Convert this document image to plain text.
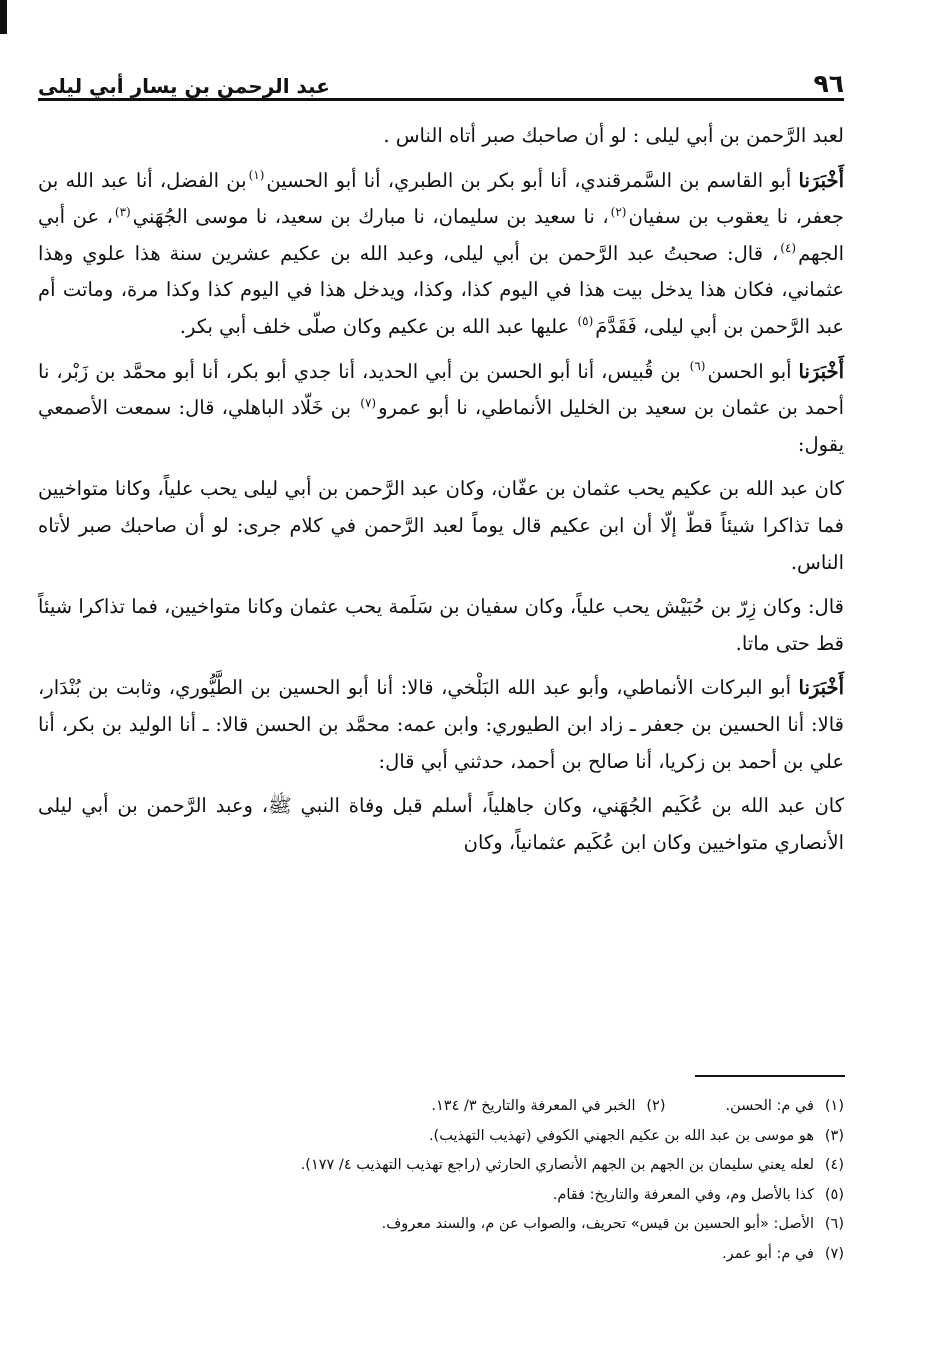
٩٦
عبد الرحمن بن يسار أبي ليلى

لعبد الرَّحمن بن أبي ليلى : لو أن صاحبك صبر أتاه الناس .

أَخْبَرَنا أبو القاسم بن السَّمرقندي، أنا أبو بكر بن الطبري، أنا أبو الحسين$^{(١)}$بن الفضل، أنا عبد الله بن جعفر، نا يعقوب بن سفيان$^{(٢)}$، نا سعيد بن سليمان، نا مبارك بن سعيد، نا موسى الجُهَني$^{(٣)}$، عن أبي الجهم$^{(٤)}$، قال: صحبتُ عبد الرَّحمن بن أبي ليلى، وعبد الله بن عكيم عشرين سنة هذا علوي وهذا عثماني، فكان هذا يدخل بيت هذا في اليوم كذا، وكذا، ويدخل هذا في اليوم كذا وكذا مرة، وماتت أم عبد الرَّحمن بن أبي ليلى، فَقَدَّمَ$^{(٥)}$ عليها عبد الله بن عكيم وكان صلّى خلف أبي بكر.

أَخْبَرَنا أبو الحسن$^{(٦)}$ بن قُبيس، أنا أبو الحسن بن أبي الحديد، أنا جدي أبو بكر، أنا أبو محمَّد بن زَبْر، نا أحمد بن عثمان بن سعيد بن الخليل الأنماطي، نا أبو عمرو$^{(٧)}$ بن خَلّاد الباهلي، قال: سمعت الأصمعي يقول:

كان عبد الله بن عكيم يحب عثمان بن عفّان، وكان عبد الرَّحمن بن أبي ليلى يحب علياً، وكانا متواخيين فما تذاكرا شيئاً قطّ إلّا أن ابن عكيم قال يوماً لعبد الرَّحمن في كلام جرى: لو أن صاحبك صبر لأتاه الناس.

قال: وكان زِرّ بن حُبَيْش يحب علياً، وكان سفيان بن سَلَمة يحب عثمان وكانا متواخيين، فما تذاكرا شيئاً قط حتى ماتا.

أَخْبَرَنا أبو البركات الأنماطي، وأبو عبد الله البَلْخي، قالا: أنا أبو الحسين بن الطَّيُّوري، وثابت بن بُنْدَار، قالا: أنا الحسين بن جعفر ـ زاد ابن الطيوري: وابن عمه: محمَّد بن الحسن قالا: ـ أنا الوليد بن بكر، أنا علي بن أحمد بن زكريا، أنا صالح بن أحمد، حدثني أبي قال:

كان عبد الله بن عُكَيم الجُهَني، وكان جاهلياً، أسلم قبل وفاة النبي ﷺ، وعبد الرَّحمن بن أبي ليلى الأنصاري متواخيين وكان ابن عُكَيم عثمانياً، وكان

(١)
في م: الحسن.
(٢)
الخبر في المعرفة والتاريخ ٣/ ١٣٤.
(٣)
هو موسى بن عبد الله بن عكيم الجهني الكوفي (تهذيب التهذيب).
(٤)
لعله يعني سليمان بن الجهم بن الجهم الأنصاري الحارثي (راجع تهذيب التهذيب ٤/ ١٧٧).
(٥)
كذا بالأصل وم، وفي المعرفة والتاريخ: فقام.
(٦)
الأصل: «أبو الحسين بن قيس» تحريف، والصواب عن م، والسند معروف.
(٧)
في م: أبو عمر.
